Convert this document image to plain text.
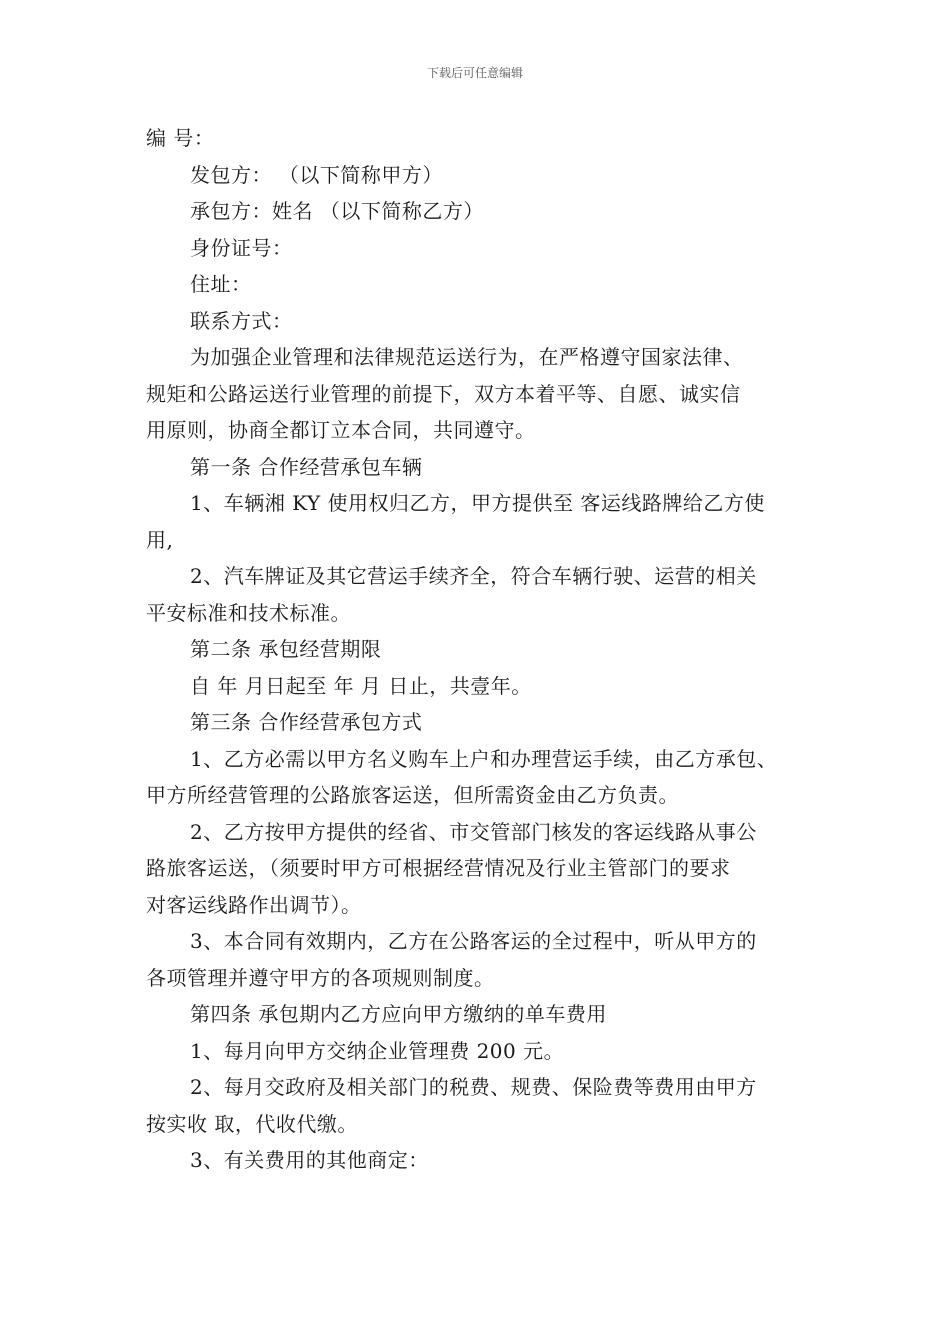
下载后可任意编辑
编 号：
发包方： （以下简称甲方）
承包方：姓名 （以下简称乙方）
身份证号：
住址：
联系方式：
为加强企业管理和法律规范运送行为，在严格遵守国家法律、
规矩和公路运送行业管理的前提下，双方本着平等、自愿、诚实信
用原则，协商全都订立本合同，共同遵守。
第一条 合作经营承包车辆
1、车辆湘 KY 使用权归乙方，甲方提供至 客运线路牌给乙方使
用,
2、汽车牌证及其它营运手续齐全，符合车辆行驶、运营的相关
平安标准和技术标准。
第二条 承包经营期限
自 年 月日起至 年 月 日止，共壹年。
第三条 合作经营承包方式
1、乙方必需以甲方名义购车上户和办理营运手续，由乙方承包、
甲方所经营管理的公路旅客运送，但所需资金由乙方负责。
2、乙方按甲方提供的经省、市交管部门核发的客运线路从事公
路旅客运送，（须要时甲方可根据经营情况及行业主管部门的要求
对客运线路作出调节）。
3、本合同有效期内，乙方在公路客运的全过程中，听从甲方的
各项管理并遵守甲方的各项规则制度。
第四条 承包期内乙方应向甲方缴纳的单车费用
1、每月向甲方交纳企业管理费 200 元。
2、每月交政府及相关部门的税费、规费、保险费等费用由甲方
按实收 取，代收代缴。
3、有关费用的其他商定：
